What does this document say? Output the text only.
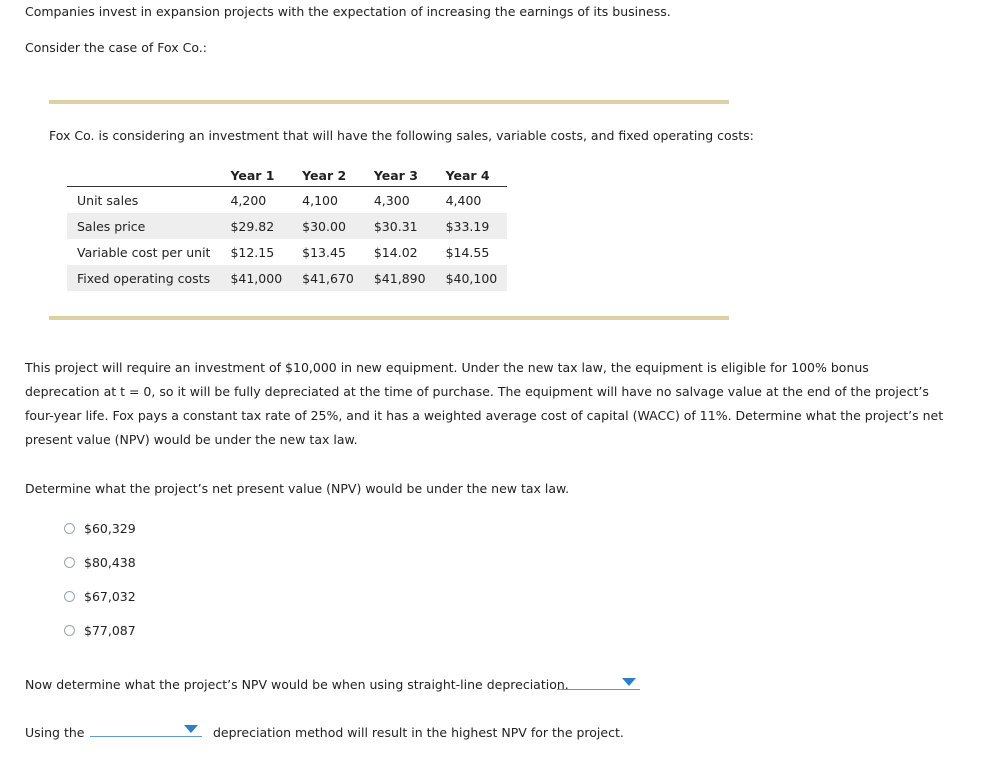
Companies invest in expansion projects with the expectation of increasing the earnings of its business.
Consider the case of Fox Co.:
Fox Co. is considering an investment that will have the following sales, variable costs, and fixed operating costs:
	Year 1	Year 2	Year 3	Year 4
Unit sales	4,200	4,100	4,300	4,400
Sales price	$29.82	$30.00	$30.31	$33.19
Variable cost per unit	$12.15	$13.45	$14.02	$14.55
Fixed operating costs	$41,000	$41,670	$41,890	$40,100
This project will require an investment of $10,000 in new equipment. Under the new tax law, the equipment is eligible for 100% bonus deprecation at t = 0, so it will be fully depreciated at the time of purchase. The equipment will have no salvage value at the end of the project’s four-year life. Fox pays a constant tax rate of 25%, and it has a weighted average cost of capital (WACC) of 11%. Determine what the project’s net present value (NPV) would be under the new tax law.
Determine what the project’s net present value (NPV) would be under the new tax law.
$60,329
$80,438
$67,032
$77,087
Now determine what the project’s NPV would be when using straight-line depreciation.
Using the	depreciation method will result in the highest NPV for the project.
